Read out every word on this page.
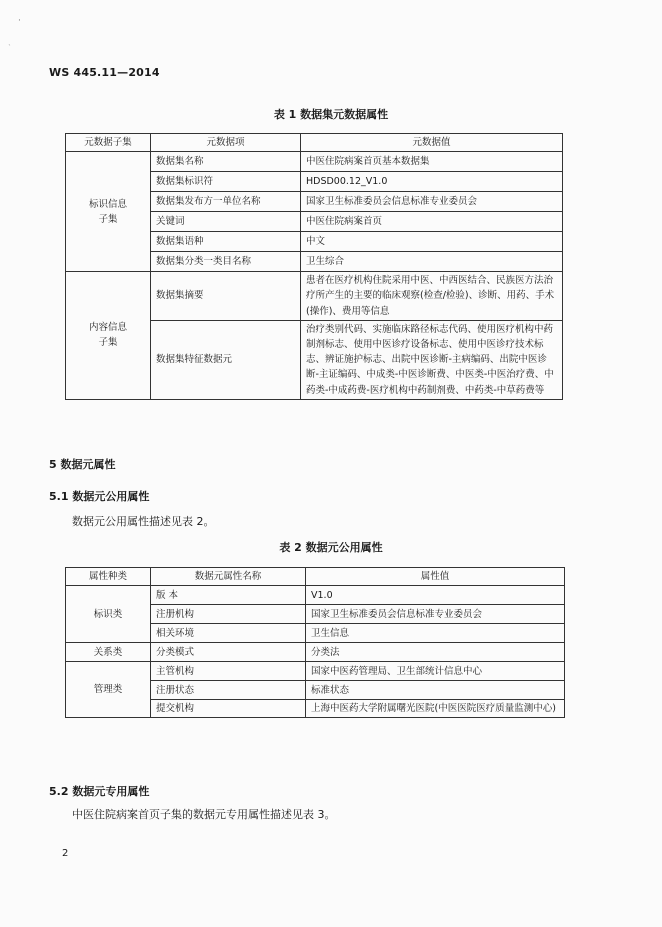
·
`
WS 445.11—2014
表 1 数据集元数据属性
元数据子集	元数据项	元数据值
标识信息
子集	数据集名称	中医住院病案首页基本数据集
	数据集标识符	HDSD00.12_V1.0
	数据集发布方一单位名称	国家卫生标准委员会信息标准专业委员会
	关键词	中医住院病案首页
	数据集语种	中文
	数据集分类一类目名称	卫生综合
内容信息
子集	数据集摘要	患者在医疗机构住院采用中医、中西医结合、民族医方法治疗所产生的主要的临床观察(检查/检验)、诊断、用药、手术(操作)、费用等信息
	数据集特征数据元	治疗类别代码、实施临床路径标志代码、使用医疗机构中药制剂标志、使用中医诊疗设备标志、使用中医诊疗技术标志、辨证施护标志、出院中医诊断-主病编码、出院中医诊断-主证编码、中成类-中医诊断费、中医类-中医治疗费、中药类-中成药费-医疗机构中药制剂费、中药类-中草药费等
5 数据元属性
5.1 数据元公用属性
数据元公用属性描述见表 2。
表 2 数据元公用属性
属性种类	数据元属性名称	属性值
标识类	版 本	V1.0
	注册机构	国家卫生标准委员会信息标准专业委员会
	相关环境	卫生信息
关系类	分类模式	分类法
管理类	主管机构	国家中医药管理局、卫生部统计信息中心
	注册状态	标准状态
	提交机构	上海中医药大学附属曙光医院(中医医院医疗质量监测中心)
5.2 数据元专用属性
中医住院病案首页子集的数据元专用属性描述见表 3。
2
